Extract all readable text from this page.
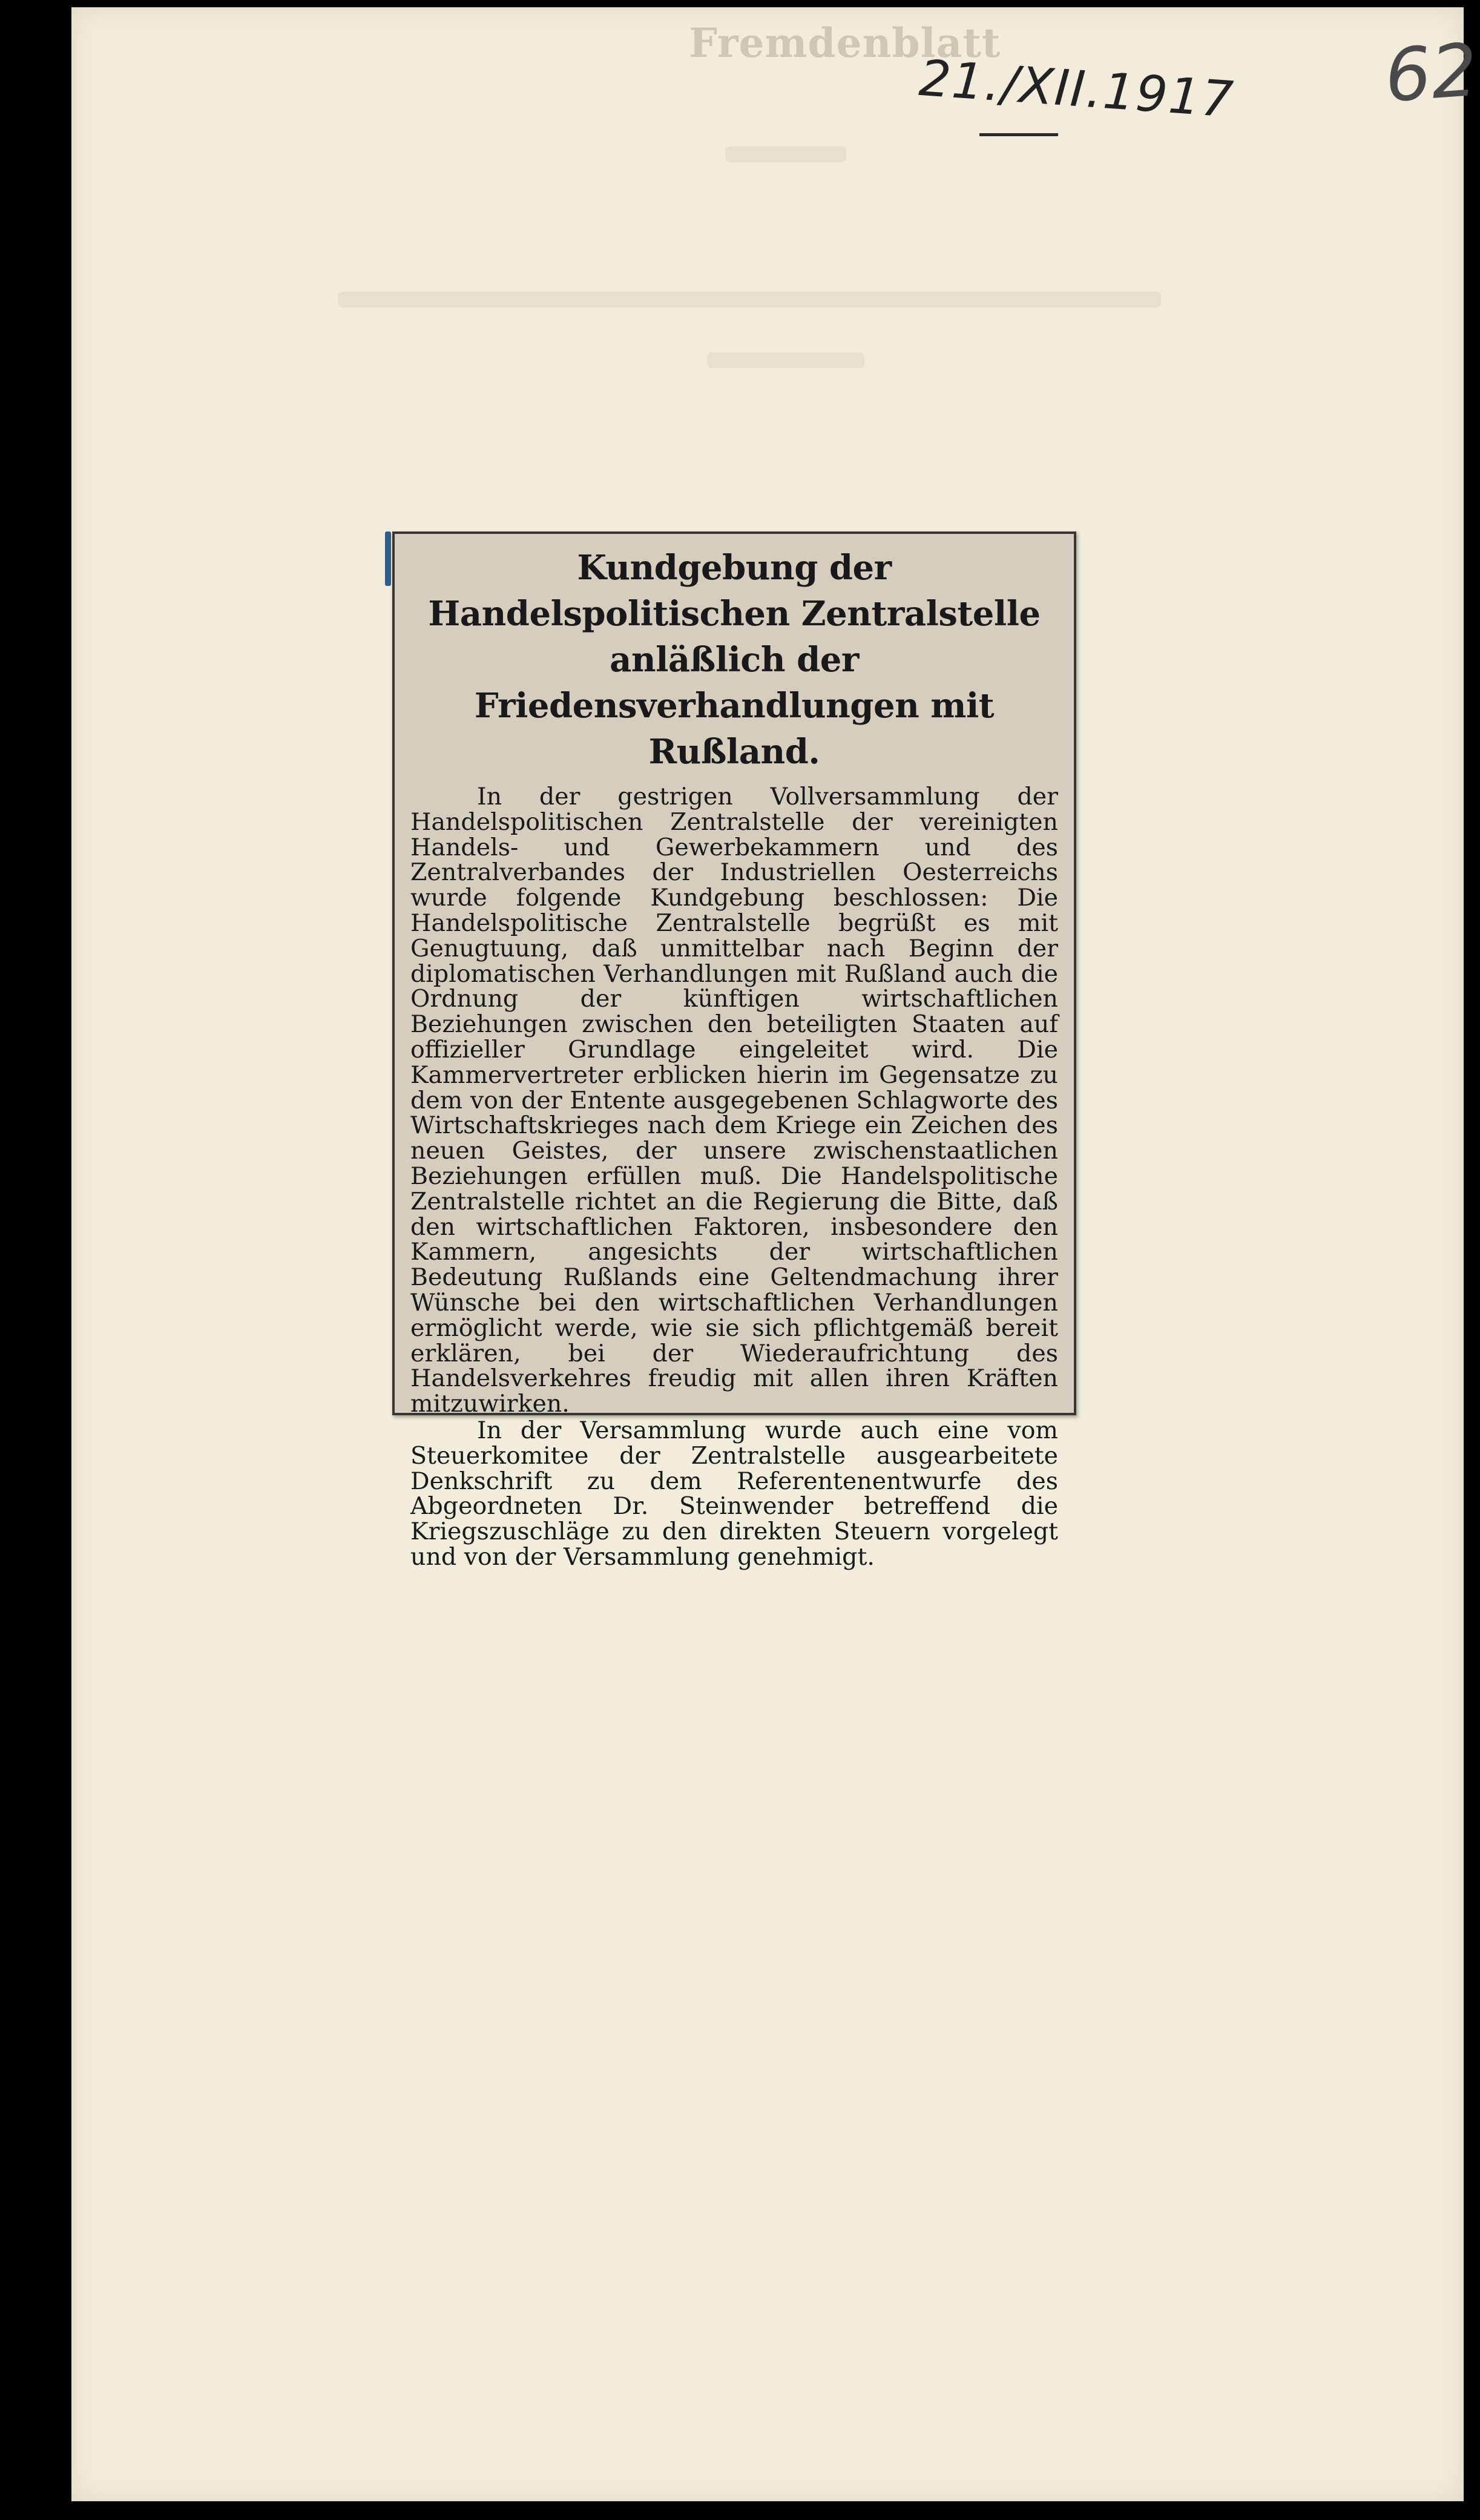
Fremdenblatt
21./XII.1917 62
Kundgebung der Handelspolitischen Zentralstelle anläßlich der Friedensverhandlungen mit Rußland.

In der gestrigen Vollversammlung der Handelspolitischen Zentralstelle der vereinigten Handels- und Gewerbekammern und des Zentralverbandes der Industriellen Oesterreichs wurde folgende Kundgebung beschlossen: Die Handelspolitische Zentralstelle begrüßt es mit Genugtuung, daß unmittelbar nach Beginn der diplomatischen Verhandlungen mit Rußland auch die Ordnung der künftigen wirtschaftlichen Beziehungen zwischen den beteiligten Staaten auf offizieller Grundlage eingeleitet wird. Die Kammervertreter erblicken hierin im Gegensatze zu dem von der Entente ausgegebenen Schlagworte des Wirtschaftskrieges nach dem Kriege ein Zeichen des neuen Geistes, der unsere zwischenstaatlichen Beziehungen erfüllen muß. Die Handelspolitische Zentralstelle richtet an die Regierung die Bitte, daß den wirtschaftlichen Faktoren, insbesondere den Kammern, angesichts der wirtschaftlichen Bedeutung Rußlands eine Geltendmachung ihrer Wünsche bei den wirtschaftlichen Verhandlungen ermöglicht werde, wie sie sich pflichtgemäß bereit erklären, bei der Wiederaufrichtung des Handelsverkehres freudig mit allen ihren Kräften mitzuwirken.

In der Versammlung wurde auch eine vom Steuerkomitee der Zentralstelle ausgearbeitete Denkschrift zu dem Referentenentwurfe des Abgeordneten Dr. Steinwender betreffend die Kriegszuschläge zu den direkten Steuern vorgelegt und von der Versammlung genehmigt.
